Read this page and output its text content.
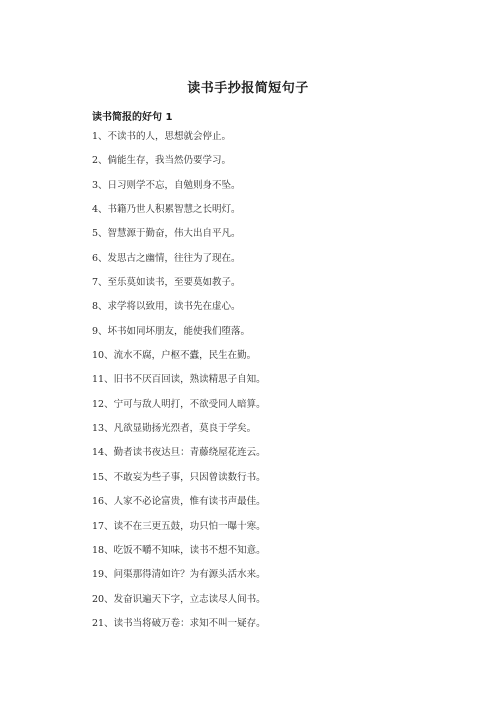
读书手抄报简短句子
读书简报的好句 1
1、不读书的人，思想就会停止。
2、倘能生存，我当然仍要学习。
3、日习则学不忘，自勉则身不坠。
4、书籍乃世人积累智慧之长明灯。
5、智慧源于勤奋，伟大出自平凡。
6、发思古之幽情，往往为了现在。
7、至乐莫如读书，至要莫如教子。
8、求学将以致用，读书先在虚心。
9、坏书如同坏朋友，能使我们堕落。
10、流水不腐，户枢不蠹，民生在勤。
11、旧书不厌百回读，熟读精思子自知。
12、宁可与敌人明打，不欲受同人暗算。
13、凡欲显勋扬光烈者，莫良于学矣。
14、勤者读书夜达旦：青藤绕屋花连云。
15、不敢妄为些子事，只因曾读数行书。
16、人家不必论富贵，惟有读书声最佳。
17、读不在三更五鼓，功只怕一曝十寒。
18、吃饭不嚼不知味，读书不想不知意。
19、问渠那得清如许？为有源头活水来。
20、发奋识遍天下字，立志读尽人间书。
21、读书当将破万卷：求知不叫一疑存。
